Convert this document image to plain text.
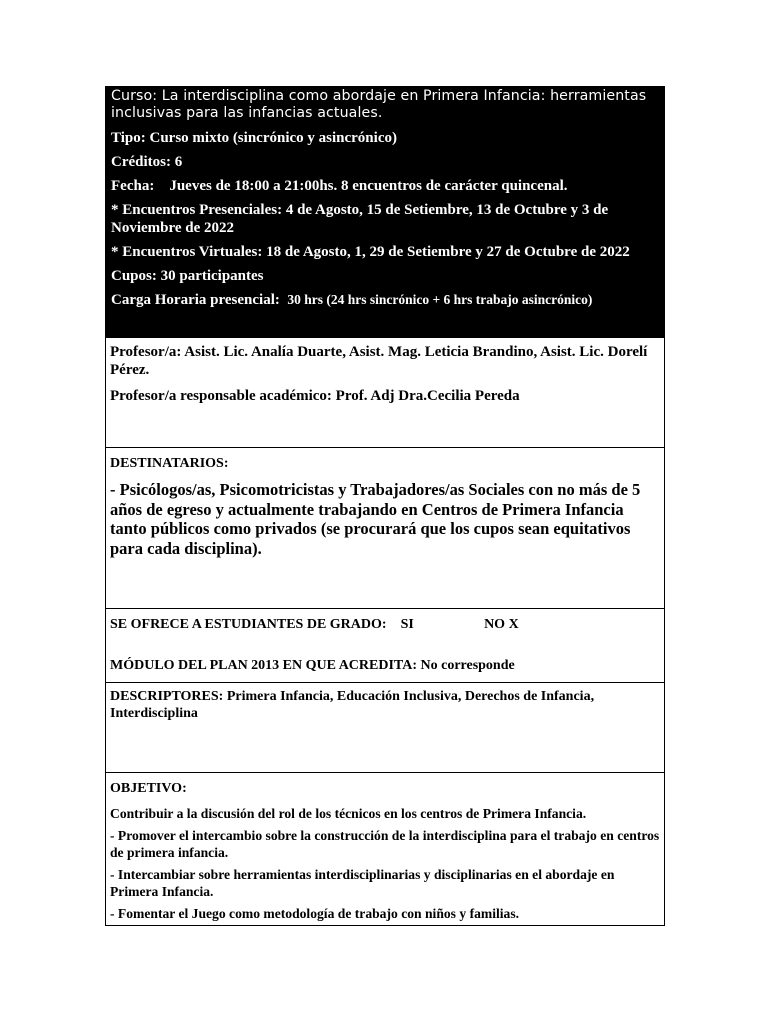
Curso: La interdisciplina como abordaje en Primera Infancia: herramientas inclusivas para las infancias actuales.
Tipo: Curso mixto (sincrónico y asincrónico)
Créditos: 6
Fecha: Jueves de 18:00 a 21:00hs. 8 encuentros de carácter quincenal.
* Encuentros Presenciales: 4 de Agosto, 15 de Setiembre, 13 de Octubre y 3 de Noviembre de 2022
* Encuentros Virtuales: 18 de Agosto, 1, 29 de Setiembre y 27 de Octubre de 2022
Cupos: 30 participantes
Carga Horaria presencial: 30 hrs (24 hrs sincrónico + 6 hrs trabajo asincrónico)
Profesor/a: Asist. Lic. Analía Duarte, Asist. Mag. Leticia Brandino, Asist. Lic. Dorelí Pérez.
Profesor/a responsable académico: Prof. Adj Dra.Cecilia Pereda
DESTINATARIOS:
- Psicólogos/as, Psicomotricistas y Trabajadores/as Sociales con no más de 5 años de egreso y actualmente trabajando en Centros de Primera Infancia tanto públicos como privados (se procurará que los cupos sean equitativos para cada disciplina).
SE OFRECE A ESTUDIANTES DE GRADO: SI	NO X
MÓDULO DEL PLAN 2013 EN QUE ACREDITA: No corresponde
DESCRIPTORES: Primera Infancia, Educación Inclusiva, Derechos de Infancia, Interdisciplina
OBJETIVO:
Contribuir a la discusión del rol de los técnicos en los centros de Primera Infancia.
- Promover el intercambio sobre la construcción de la interdisciplina para el trabajo en centros de primera infancia.
- Intercambiar sobre herramientas interdisciplinarias y disciplinarias en el abordaje en Primera Infancia.
- Fomentar el Juego como metodología de trabajo con niños y familias.
